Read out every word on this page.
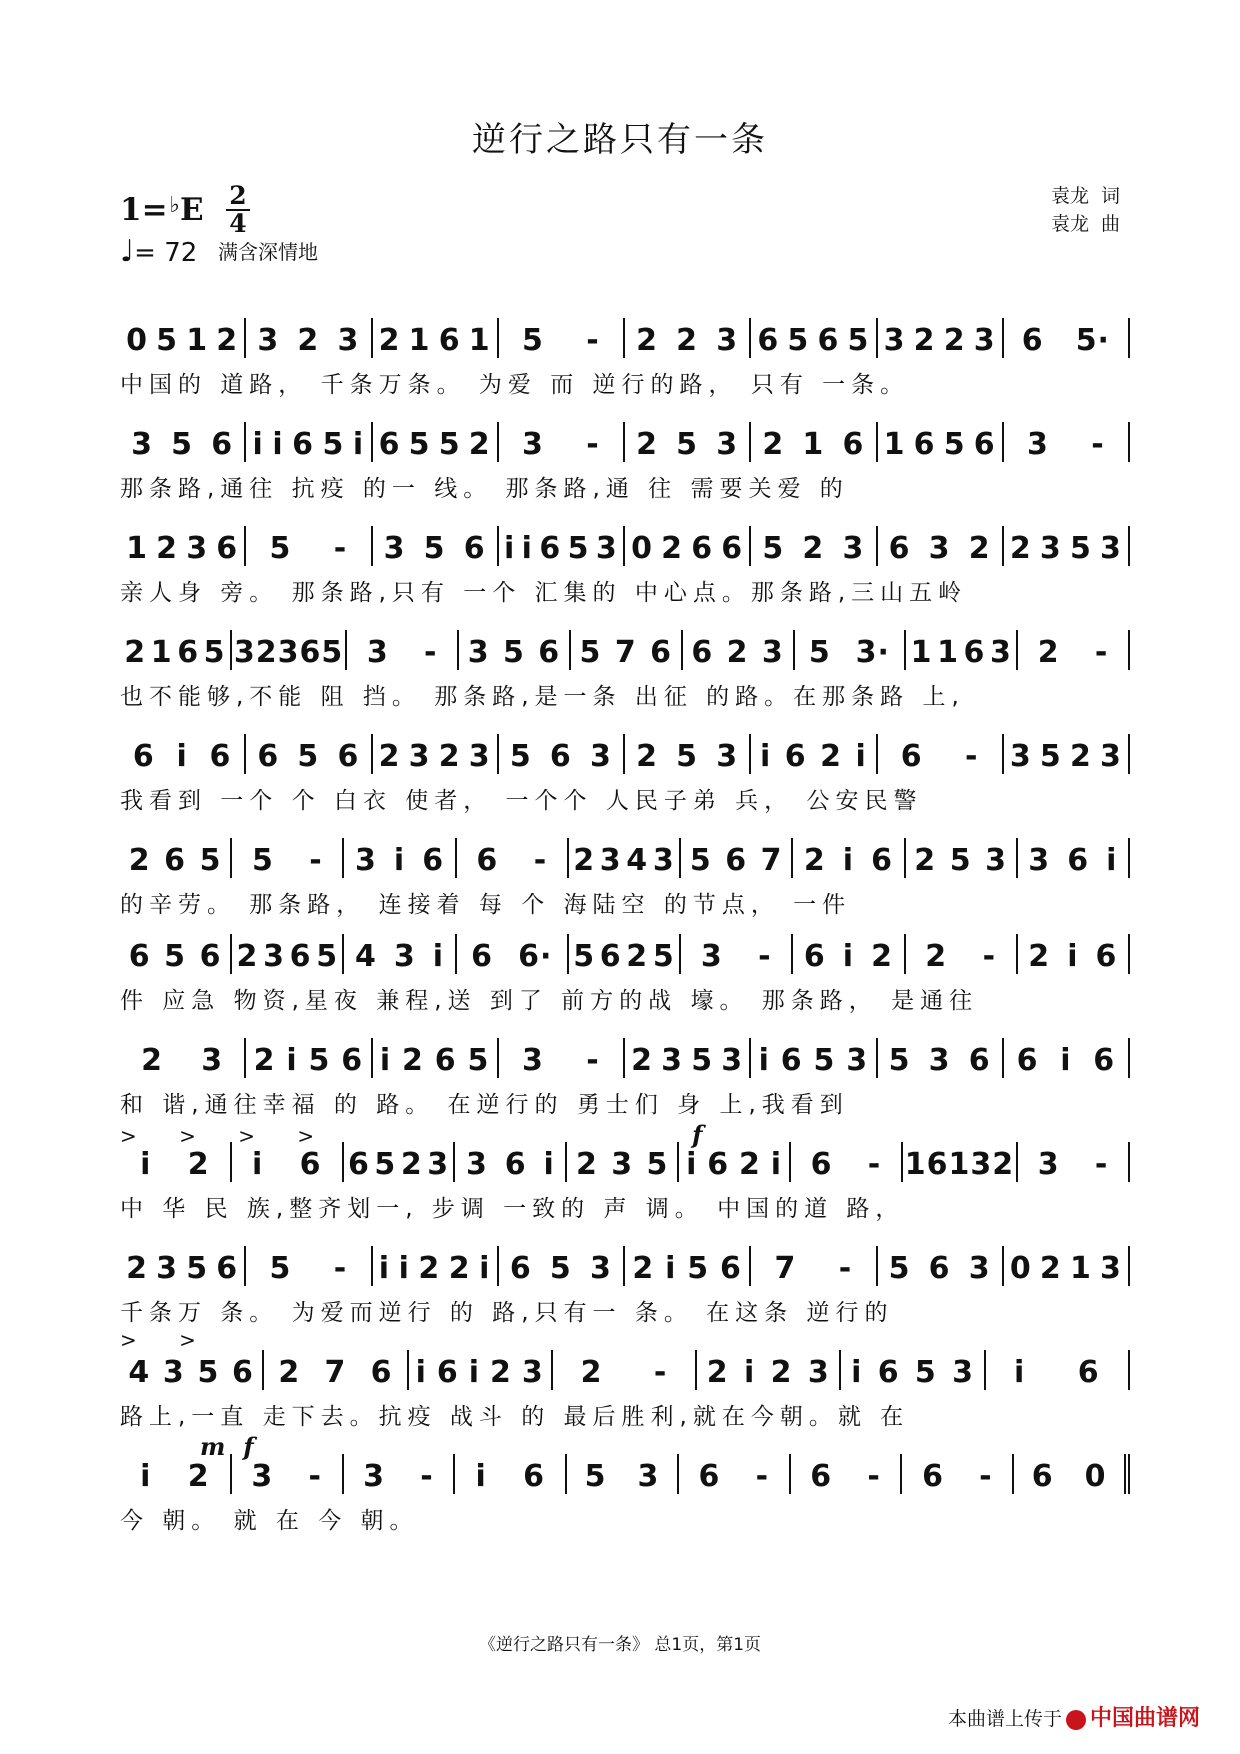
逆行之路只有一条
1=♭E 2
4
♩= 72 满含深情地
袁龙 词
袁龙 曲
0 5 1 2 3 2 3 2 1 6 1 5 - 2 2 3 6 5 6 5 3 2 2 3 6 5·
中国的 道路， 千条万条。 为爱 而 逆行的路， 只有 一条。
3 5 6 i i 6 5 i 6 5 5 2 3 - 2 5 3 2 1 6 1 6 5 6 3 -
那条路,通往 抗疫 的一 线。 那条路,通 往 需要关爱 的
1 2 3 6 5 - 3 5 6 i i 6 5 3 0 2 6 6 5 2 3 6 3 2 2 3 5 3
亲人身 旁。 那条路,只有 一个 汇集的 中心点。那条路,三山五岭
2 1 6 5 3 2 3 6 5 3 - 3 5 6 5 7 6 6 2 3 5 3· 1 1 6 3 2 -
也不能够,不能 阻 挡。 那条路,是一条 出征 的路。在那条路 上,
6 i 6 6 5 6 2 3 2 3 5 6 3 2 5 3 i 6 2 i 6 - 3 5 2 3
我看到 一个 个 白衣 使者， 一个个 人民子弟 兵， 公安民警
2 6 5 5 - 3 i 6 6 - 2 3 4 3 5 6 7 2 i 6 2 5 3 3 6 i
的辛劳。 那条路， 连接着 每 个 海陆空 的节点， 一件
6 5 6 2 3 6 5 4 3 i 6 6· 5 6 2 5 3 - 6 i 2 2 - 2 i 6
件 应急 物资,星夜 兼程,送 到了 前方的战 壕。 那条路， 是通往
2 3 2 i 5 6 i 2 6 5 3 - 2 3 5 3 i 6 5 3 5 3 6 6 i 6
和 谐,通往幸福 的 路。 在逆行的 勇士们 身 上,我看到
> > > >	f
i 2 i 6 6 5 2 3 3 6 i 2 3 5 i 6 2 i 6 - 1 6 1 3 2 3 -
中 华 民 族,整齐划一, 步调 一致的 声 调。 中国的道 路，
2 3 5 6 5 - i i 2 2 i 6 5 3 2 i 5 6 7 - 5 6 3 0 2 1 3
千条万 条。 为爱而逆行 的 路,只有一 条。 在这条 逆行的
> >
4 3 5 6 2 7 6 i 6 i 2 3 2 - 2 i 2 3 i 6 5 3 i 6
路上,一直 走下去。抗疫 战斗 的 最后胜利,就在今朝。就 在
mf
i 2 3 - 3 - i 6 5 3 6 - 6 - 6 - 6 0
今 朝。 就 在 今 朝。
《逆行之路只有一条》 总1页，第1页
本曲谱上传于 中国曲谱网
